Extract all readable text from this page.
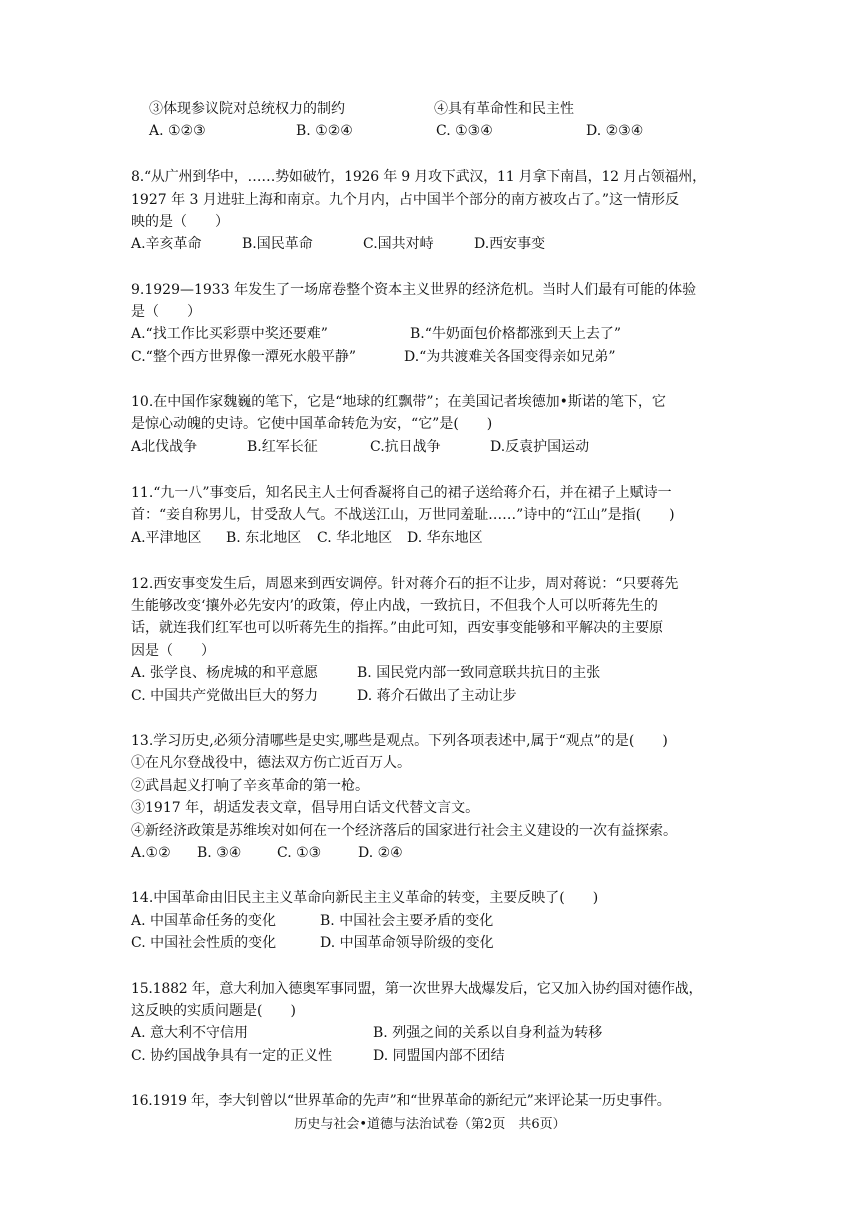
③体现参议院对总统权力的制约	④具有革命性和民主性
A. ①②③	B. ①②④	C. ①③④	D. ②③④
8.“从广州到华中，……势如破竹，1926 年 9 月攻下武汉，11 月拿下南昌，12 月占领福州，
1927 年 3 月进驻上海和南京。九个月内，占中国半个部分的南方被攻占了。”这一情形反
映的是（　　）
A.辛亥革命	B.国民革命	C.国共对峙	D.西安事变
9.1929—1933 年发生了一场席卷整个资本主义世界的经济危机。当时人们最有可能的体验
是（　　）
A.“找工作比买彩票中奖还要难”	B.“牛奶面包价格都涨到天上去了”
C.“整个西方世界像一潭死水般平静”	D.“为共渡难关各国变得亲如兄弟”
10.在中国作家魏巍的笔下，它是“地球的红飘带”；在美国记者埃德加•斯诺的笔下，它
是惊心动魄的史诗。它使中国革命转危为安，“它”是(　　)
A北伐战争	B.红军长征	C.抗日战争	D.反袁护国运动
11.“九一八”事变后，知名民主人士何香凝将自己的裙子送给蒋介石，并在裙子上赋诗一
首：“妾自称男儿，甘受敌人气。不战送江山，万世同羞耻……”诗中的“江山”是指(　　)
A.平津地区 B. 东北地区 C. 华北地区 D. 华东地区
12.西安事变发生后，周恩来到西安调停。针对蒋介石的拒不让步，周对蒋说：“只要蒋先
生能够改变‘攘外必先安内’的政策，停止内战，一致抗日，不但我个人可以听蒋先生的
话，就连我们红军也可以听蒋先生的指挥。”由此可知，西安事变能够和平解决的主要原
因是（　　）
A. 张学良、杨虎城的和平意愿	B. 国民党内部一致同意联共抗日的主张
C. 中国共产党做出巨大的努力	D. 蒋介石做出了主动让步
13.学习历史,必须分清哪些是史实,哪些是观点。下列各项表述中,属于“观点”的是(　　)
①在凡尔登战役中，德法双方伤亡近百万人。
②武昌起义打响了辛亥革命的第一枪。
③1917 年，胡适发表文章，倡导用白话文代替文言文。
④新经济政策是苏维埃对如何在一个经济落后的国家进行社会主义建设的一次有益探索。
A.①② B. ③④	C. ①③	D. ②④
14.中国革命由旧民主主义革命向新民主主义革命的转变，主要反映了(　　)
A. 中国革命任务的变化	B. 中国社会主要矛盾的变化
C. 中国社会性质的变化	D. 中国革命领导阶级的变化
15.1882 年，意大利加入德奥军事同盟，第一次世界大战爆发后，它又加入协约国对德作战，
这反映的实质问题是(　　)
A. 意大利不守信用	B. 列强之间的关系以自身利益为转移
C. 协约国战争具有一定的正义性	D. 同盟国内部不团结
16.1919 年，李大钊曾以“世界革命的先声”和“世界革命的新纪元”来评论某一历史事件。
历史与社会•道德与法治试卷（第2页　共6页）
